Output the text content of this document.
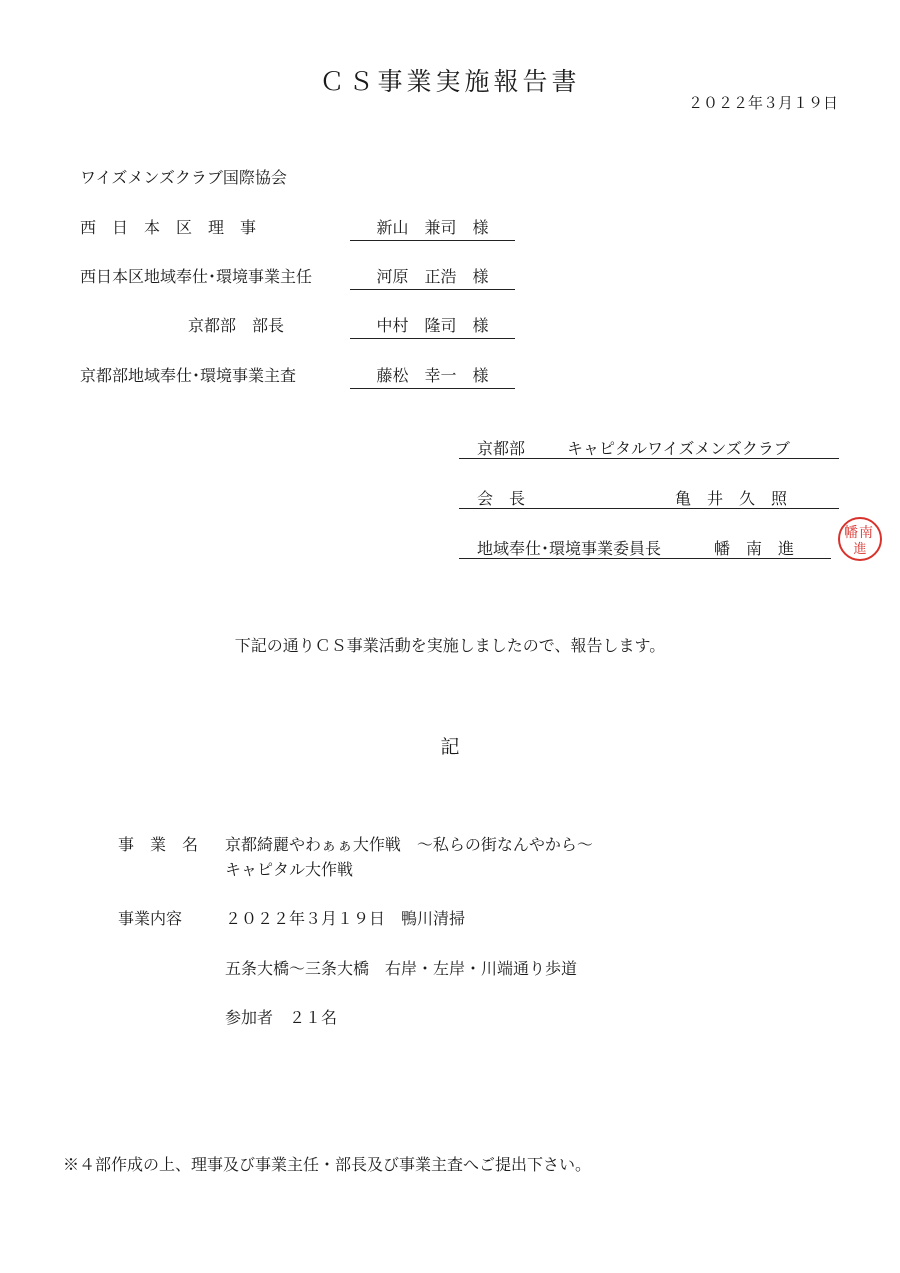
ＣＳ事業実施報告書
２０２２年３月１９日
ワイズメンズクラブ国際協会
西　日　本　区　理　事	新山　兼司　様
西日本区地域奉仕･環境事業主任	河原　正浩　様
京都部　部長	中村　隆司　様
京都部地域奉仕･環境事業主査	藤松　幸一　様
京都部	キャピタルワイズメンズクラブ
会　長	亀　井　久　照
地域奉仕･環境事業委員長	幡　南　進
幡 南
進
下記の通りＣＳ事業活動を実施しましたので、報告します。
記
事　業　名 京都綺麗やわぁぁ大作戦　～私らの街なんやから～
キャピタル大作戦
事業内容	２０２２年３月１９日　鴨川清掃
五条大橋～三条大橋　右岸・左岸・川端通り歩道
参加者　２１名
※４部作成の上、理事及び事業主任・部長及び事業主査へご提出下さい。
